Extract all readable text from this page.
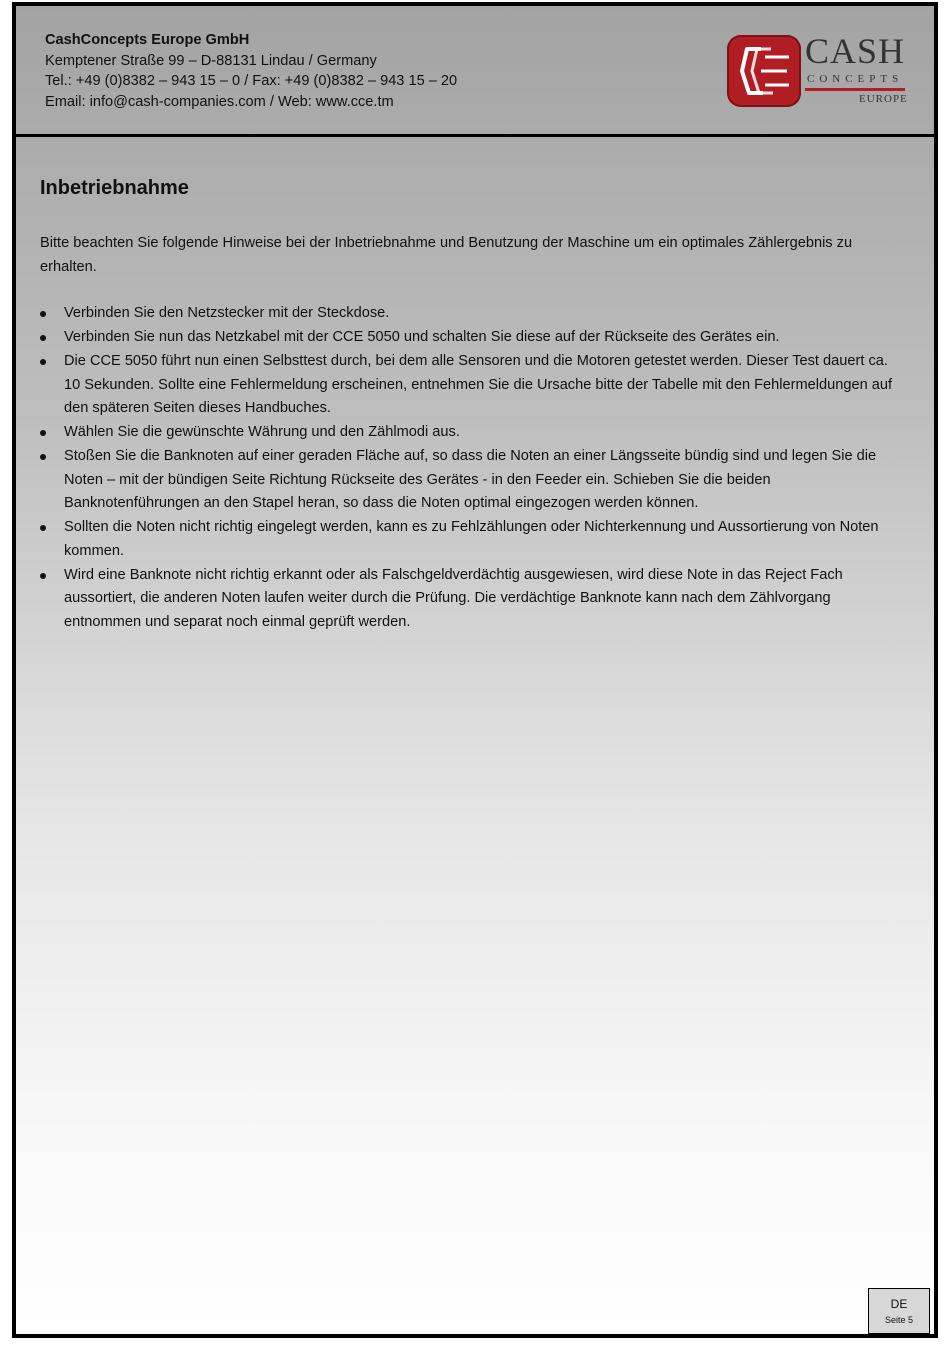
CashConcepts Europe GmbH
Kemptener Straße 99 – D-88131 Lindau / Germany
Tel.: +49 (0)8382 – 943 15 – 0 / Fax: +49 (0)8382 – 943 15 – 20
Email: info@cash-companies.com / Web: www.cce.tm
CASH
CONCEPTS
EUROPE
Inbetriebnahme

Bitte beachten Sie folgende Hinweise bei der Inbetriebnahme und Benutzung der Maschine um ein optimales Zählergebnis zu erhalten.

Verbinden Sie den Netzstecker mit der Steckdose.
Verbinden Sie nun das Netzkabel mit der CCE 5050 und schalten Sie diese auf der Rückseite des Gerätes ein.
Die CCE 5050 führt nun einen Selbsttest durch, bei dem alle Sensoren und die Motoren getestet werden. Dieser Test dauert ca. 10 Sekunden. Sollte eine Fehlermeldung erscheinen, entnehmen Sie die Ursache bitte der Tabelle mit den Fehlermeldungen auf den späteren Seiten dieses Handbuches.
Wählen Sie die gewünschte Währung und den Zählmodi aus.
Stoßen Sie die Banknoten auf einer geraden Fläche auf, so dass die Noten an einer Längsseite bündig sind und legen Sie die Noten – mit der bündigen Seite Richtung Rückseite des Gerätes - in den Feeder ein. Schieben Sie die beiden Banknotenführungen an den Stapel heran, so dass die Noten optimal eingezogen werden können.
Sollten die Noten nicht richtig eingelegt werden, kann es zu Fehlzählungen oder Nichterkennung und Aussortierung von Noten kommen.
Wird eine Banknote nicht richtig erkannt oder als Falschgeldverdächtig ausgewiesen, wird diese Note in das Reject Fach aussortiert, die anderen Noten laufen weiter durch die Prüfung. Die verdächtige Banknote kann nach dem Zählvorgang entnommen und separat noch einmal geprüft werden.
DE
Seite 5
